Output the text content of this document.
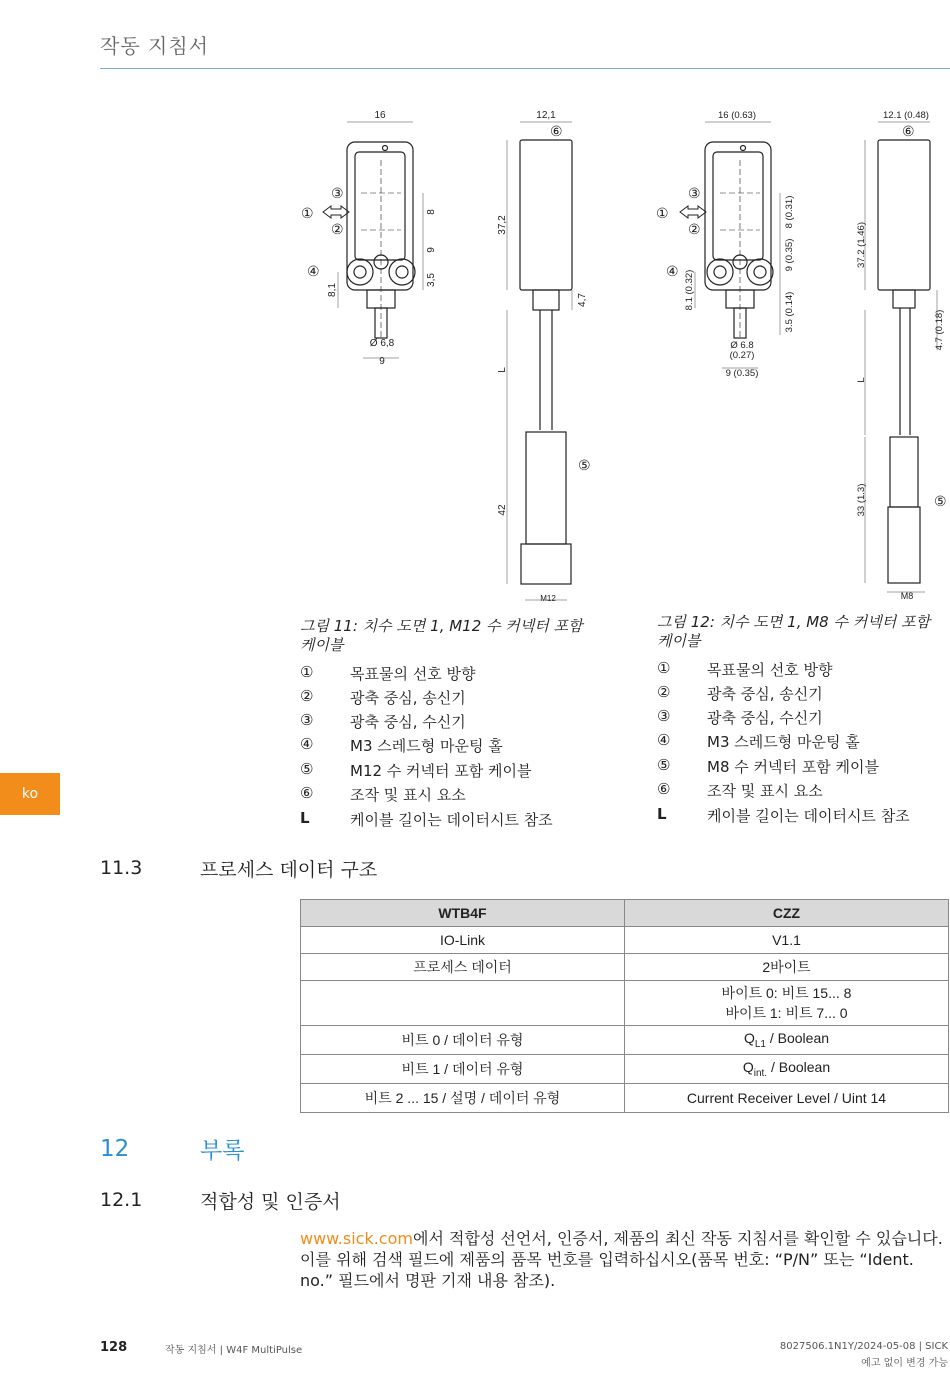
작동 지침서
ko
16	12,1
37,2
8
9
3,5
8,1
4,7
Ø 6,8
9
L
42
M12
⑥
③
①
②
④
⑤
16 (0.63)	12.1 (0.48)
37.2 (1.46)
8 (0.31)
9 (0.35)
3.5 (0.14)
8.1 (0.32)
4.7 (0.18)
Ø 6.8
(0.27)
9 (0.35)
L
33 (1.3)
M8
⑥
③
①
②
④
⑤
그림 11: 치수 도면 1, M12 수 커넥터 포함 케이블
그림 12: 치수 도면 1, M8 수 커넥터 포함 케이블
①	목표물의 선호 방향
②	광축 중심, 송신기
③	광축 중심, 수신기
④	M3 스레드형 마운팅 홀
⑤	M12 수 커넥터 포함 케이블
⑥	조작 및 표시 요소
L	케이블 길이는 데이터시트 참조
①	목표물의 선호 방향
②	광축 중심, 송신기
③	광축 중심, 수신기
④	M3 스레드형 마운팅 홀
⑤	M8 수 커넥터 포함 케이블
⑥	조작 및 표시 요소
L	케이블 길이는 데이터시트 참조
11.3	프로세스 데이터 구조
WTB4F	CZZ
IO-Link	V1.1
프로세스 데이터	2바이트

	바이트 0: 비트 15... 8
바이트 1: 비트 7... 0

비트 0 / 데이터 유형	$Q_{L1}$ / Boolean
비트 1 / 데이터 유형	$Q_{int.}$ / Boolean
비트 2 ... 15 / 설명 / 데이터 유형	Current Receiver Level / Uint 14
12	부록
12.1	적합성 및 인증서
www.sick.com에서 적합성 선언서, 인증서, 제품의 최신 작동 지침서를 확인할 수 있습니다. 이를 위해 검색 필드에 제품의 품목 번호를 입력하십시오(품목 번호: “P/N” 또는 “Ident. no.” 필드에서 명판 기재 내용 참조).
128	작동 지침서 | W4F MultiPulse	8027506.1N1Y/2024-05-08 | SICK
예고 없이 변경 가능
